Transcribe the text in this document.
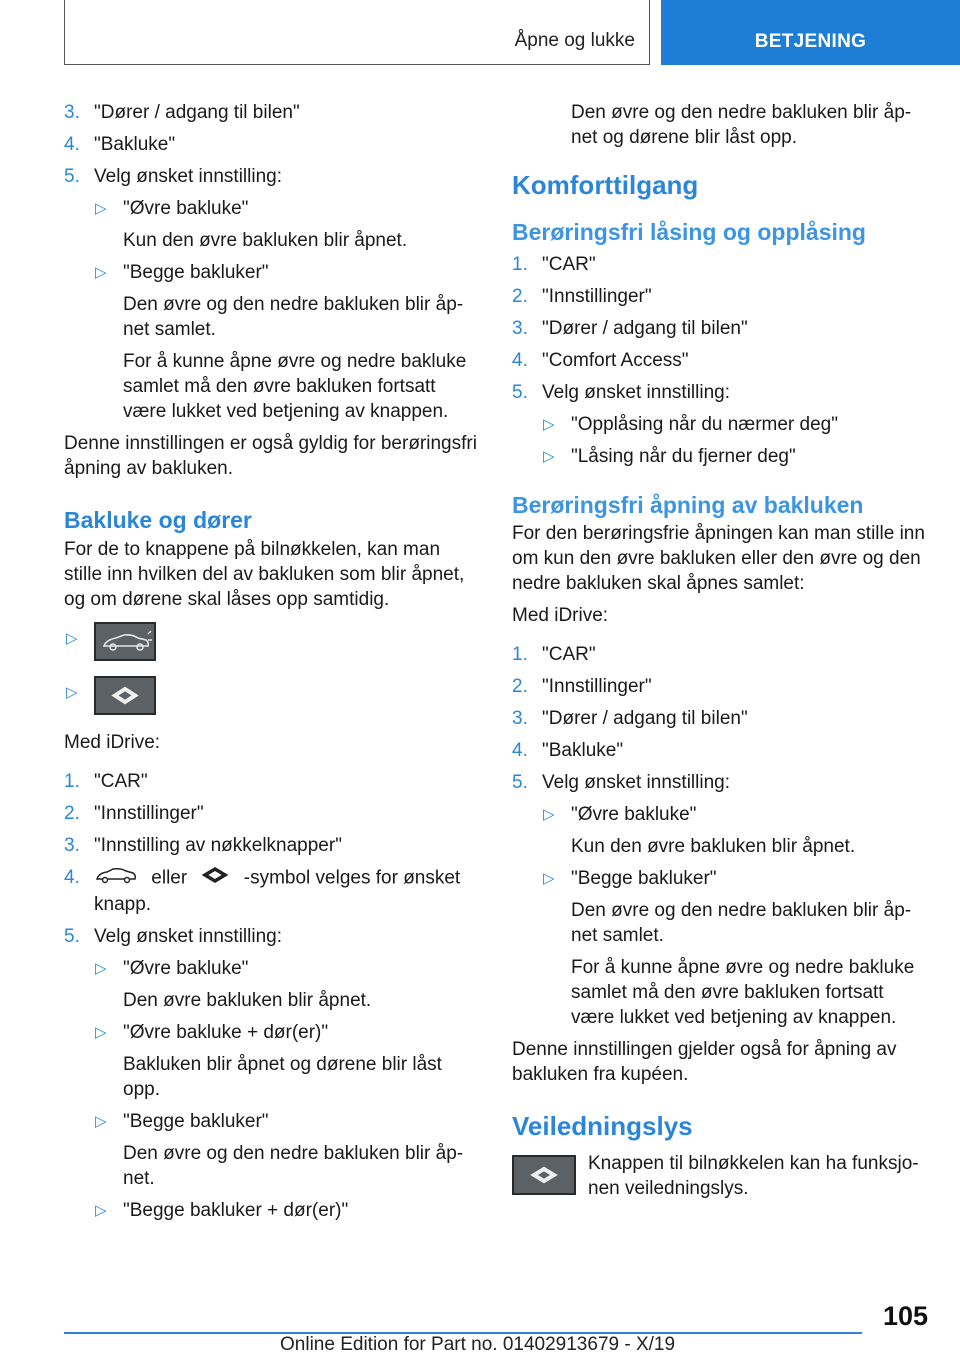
Åpne og lukke	BETJENING
3. "Dører / adgang til bilen"
4. "Bakluke"
5. Velg ønsket innstilling:
▷ "Øvre bakluke"
Kun den øvre bakluken blir åpnet.
▷ "Begge bakluker"
Den øvre og den nedre bakluken blir åp-
net samlet.
For å kunne åpne øvre og nedre bakluke
samlet må den øvre bakluken fortsatt
være lukket ved betjening av knappen.
Denne innstillingen er også gyldig for berøringsfri
åpning av bakluken.
Bakluke og dører
For de to knappene på bilnøkkelen, kan man
stille inn hvilken del av bakluken som blir åpnet,
og om dørene skal låses opp samtidig.
▷
▷
Med iDrive:
1. "CAR"
2. "Innstillinger"
3. "Innstilling av nøkkelknapper"
4.	eller	-symbol velges for ønsket
knapp.
5. Velg ønsket innstilling:
▷ "Øvre bakluke"
Den øvre bakluken blir åpnet.
▷ "Øvre bakluke + dør(er)"
Bakluken blir åpnet og dørene blir låst
opp.
▷ "Begge bakluker"
Den øvre og den nedre bakluken blir åp-
net.
▷ "Begge bakluker + dør(er)"
Den øvre og den nedre bakluken blir åp-
net og dørene blir låst opp.
Komforttilgang
Berøringsfri låsing og opplåsing
1. "CAR"
2. "Innstillinger"
3. "Dører / adgang til bilen"
4. "Comfort Access"
5. Velg ønsket innstilling:
▷ "Opplåsing når du nærmer deg"
▷ "Låsing når du fjerner deg"
Berøringsfri åpning av bakluken
For den berøringsfrie åpningen kan man stille inn
om kun den øvre bakluken eller den øvre og den
nedre bakluken skal åpnes samlet:
Med iDrive:
1. "CAR"
2. "Innstillinger"
3. "Dører / adgang til bilen"
4. "Bakluke"
5. Velg ønsket innstilling:
▷ "Øvre bakluke"
Kun den øvre bakluken blir åpnet.
▷ "Begge bakluker"
Den øvre og den nedre bakluken blir åp-
net samlet.
For å kunne åpne øvre og nedre bakluke
samlet må den øvre bakluken fortsatt
være lukket ved betjening av knappen.
Denne innstillingen gjelder også for åpning av
bakluken fra kupéen.
Veiledningslys
Knappen til bilnøkkelen kan ha funksjo-
nen veiledningslys.
105
Online Edition for Part no. 01402913679 - X/19
